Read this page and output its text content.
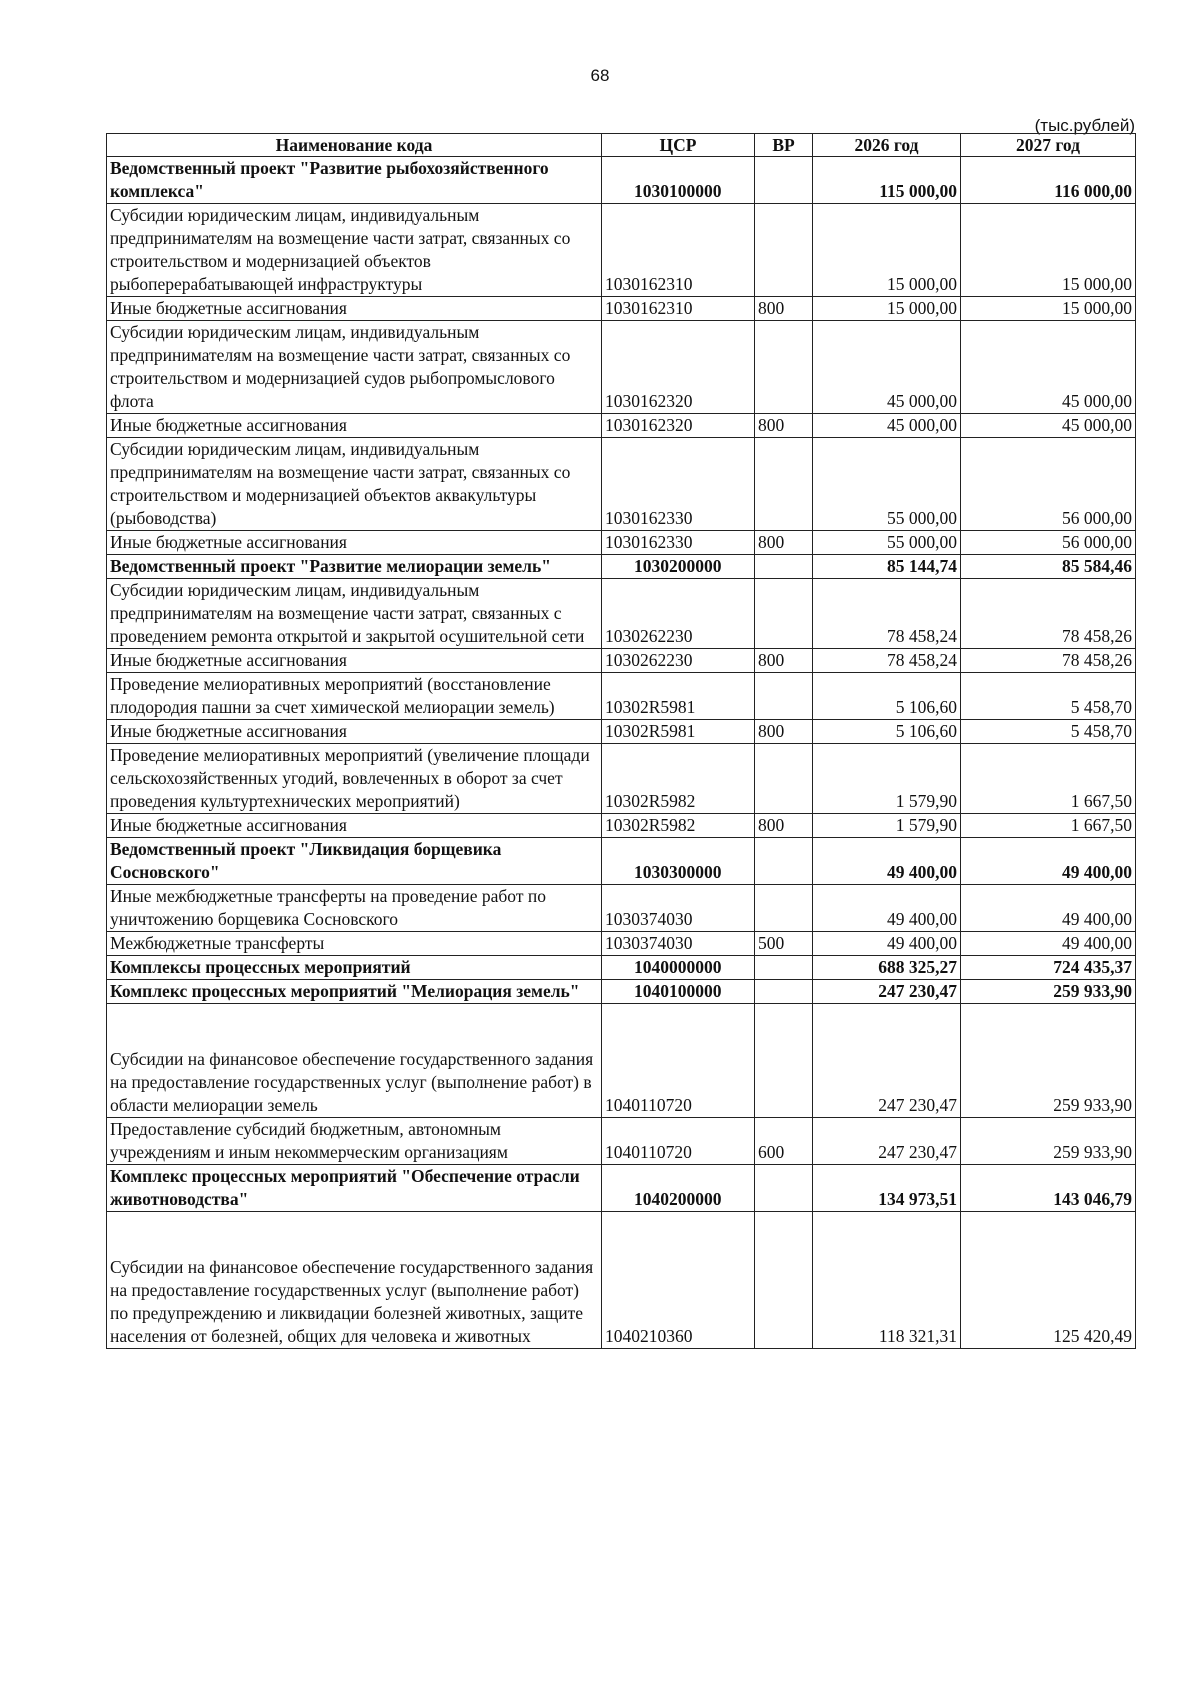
68
(тыс.рублей)
Наименование кода	ЦСР	ВР	2026 год	2027 год
Ведомственный проект "Развитие рыбохозяйственного комплекса"	1030100000		115 000,00	116 000,00
Субсидии юридическим лицам, индивидуальным предпринимателям на возмещение части затрат, связанных со строительством и модернизацией объектов рыбоперерабатывающей инфраструктуры	1030162310		15 000,00	15 000,00
Иные бюджетные ассигнования	1030162310	800	15 000,00	15 000,00
Субсидии юридическим лицам, индивидуальным предпринимателям на возмещение части затрат, связанных со строительством и модернизацией судов рыбопромыслового флота	1030162320		45 000,00	45 000,00
Иные бюджетные ассигнования	1030162320	800	45 000,00	45 000,00
Субсидии юридическим лицам, индивидуальным предпринимателям на возмещение части затрат, связанных со строительством и модернизацией объектов аквакультуры (рыбоводства)	1030162330		55 000,00	56 000,00
Иные бюджетные ассигнования	1030162330	800	55 000,00	56 000,00
Ведомственный проект "Развитие мелиорации земель"	1030200000		85 144,74	85 584,46
Субсидии юридическим лицам, индивидуальным предпринимателям на возмещение части затрат, связанных с проведением ремонта открытой и закрытой осушительной сети	1030262230		78 458,24	78 458,26
Иные бюджетные ассигнования	1030262230	800	78 458,24	78 458,26
Проведение мелиоративных мероприятий (восстановление плодородия пашни за счет химической мелиорации земель)	10302R5981		5 106,60	5 458,70
Иные бюджетные ассигнования	10302R5981	800	5 106,60	5 458,70
Проведение мелиоративных мероприятий (увеличение площади сельскохозяйственных угодий, вовлеченных в оборот за счет проведения культуртехнических мероприятий)	10302R5982		1 579,90	1 667,50
Иные бюджетные ассигнования	10302R5982	800	1 579,90	1 667,50
Ведомственный проект "Ликвидация борщевика Сосновского"	1030300000		49 400,00	49 400,00
Иные межбюджетные трансферты на проведение работ по уничтожению борщевика Сосновского	1030374030		49 400,00	49 400,00
Межбюджетные трансферты	1030374030	500	49 400,00	49 400,00
Комплексы процессных мероприятий	1040000000		688 325,27	724 435,37
Комплекс процессных мероприятий "Мелиорация земель"	1040100000		247 230,47	259 933,90
Субсидии на финансовое обеспечение государственного задания на предоставление государственных услуг (выполнение работ) в области мелиорации земель	1040110720		247 230,47	259 933,90
Предоставление субсидий бюджетным, автономным учреждениям и иным некоммерческим организациям	1040110720	600	247 230,47	259 933,90
Комплекс процессных мероприятий "Обеспечение отрасли животноводства"	1040200000		134 973,51	143 046,79
Субсидии на финансовое обеспечение государственного задания на предоставление государственных услуг (выполнение работ) по предупреждению и ликвидации болезней животных, защите населения от болезней, общих для человека и животных	1040210360		118 321,31	125 420,49
